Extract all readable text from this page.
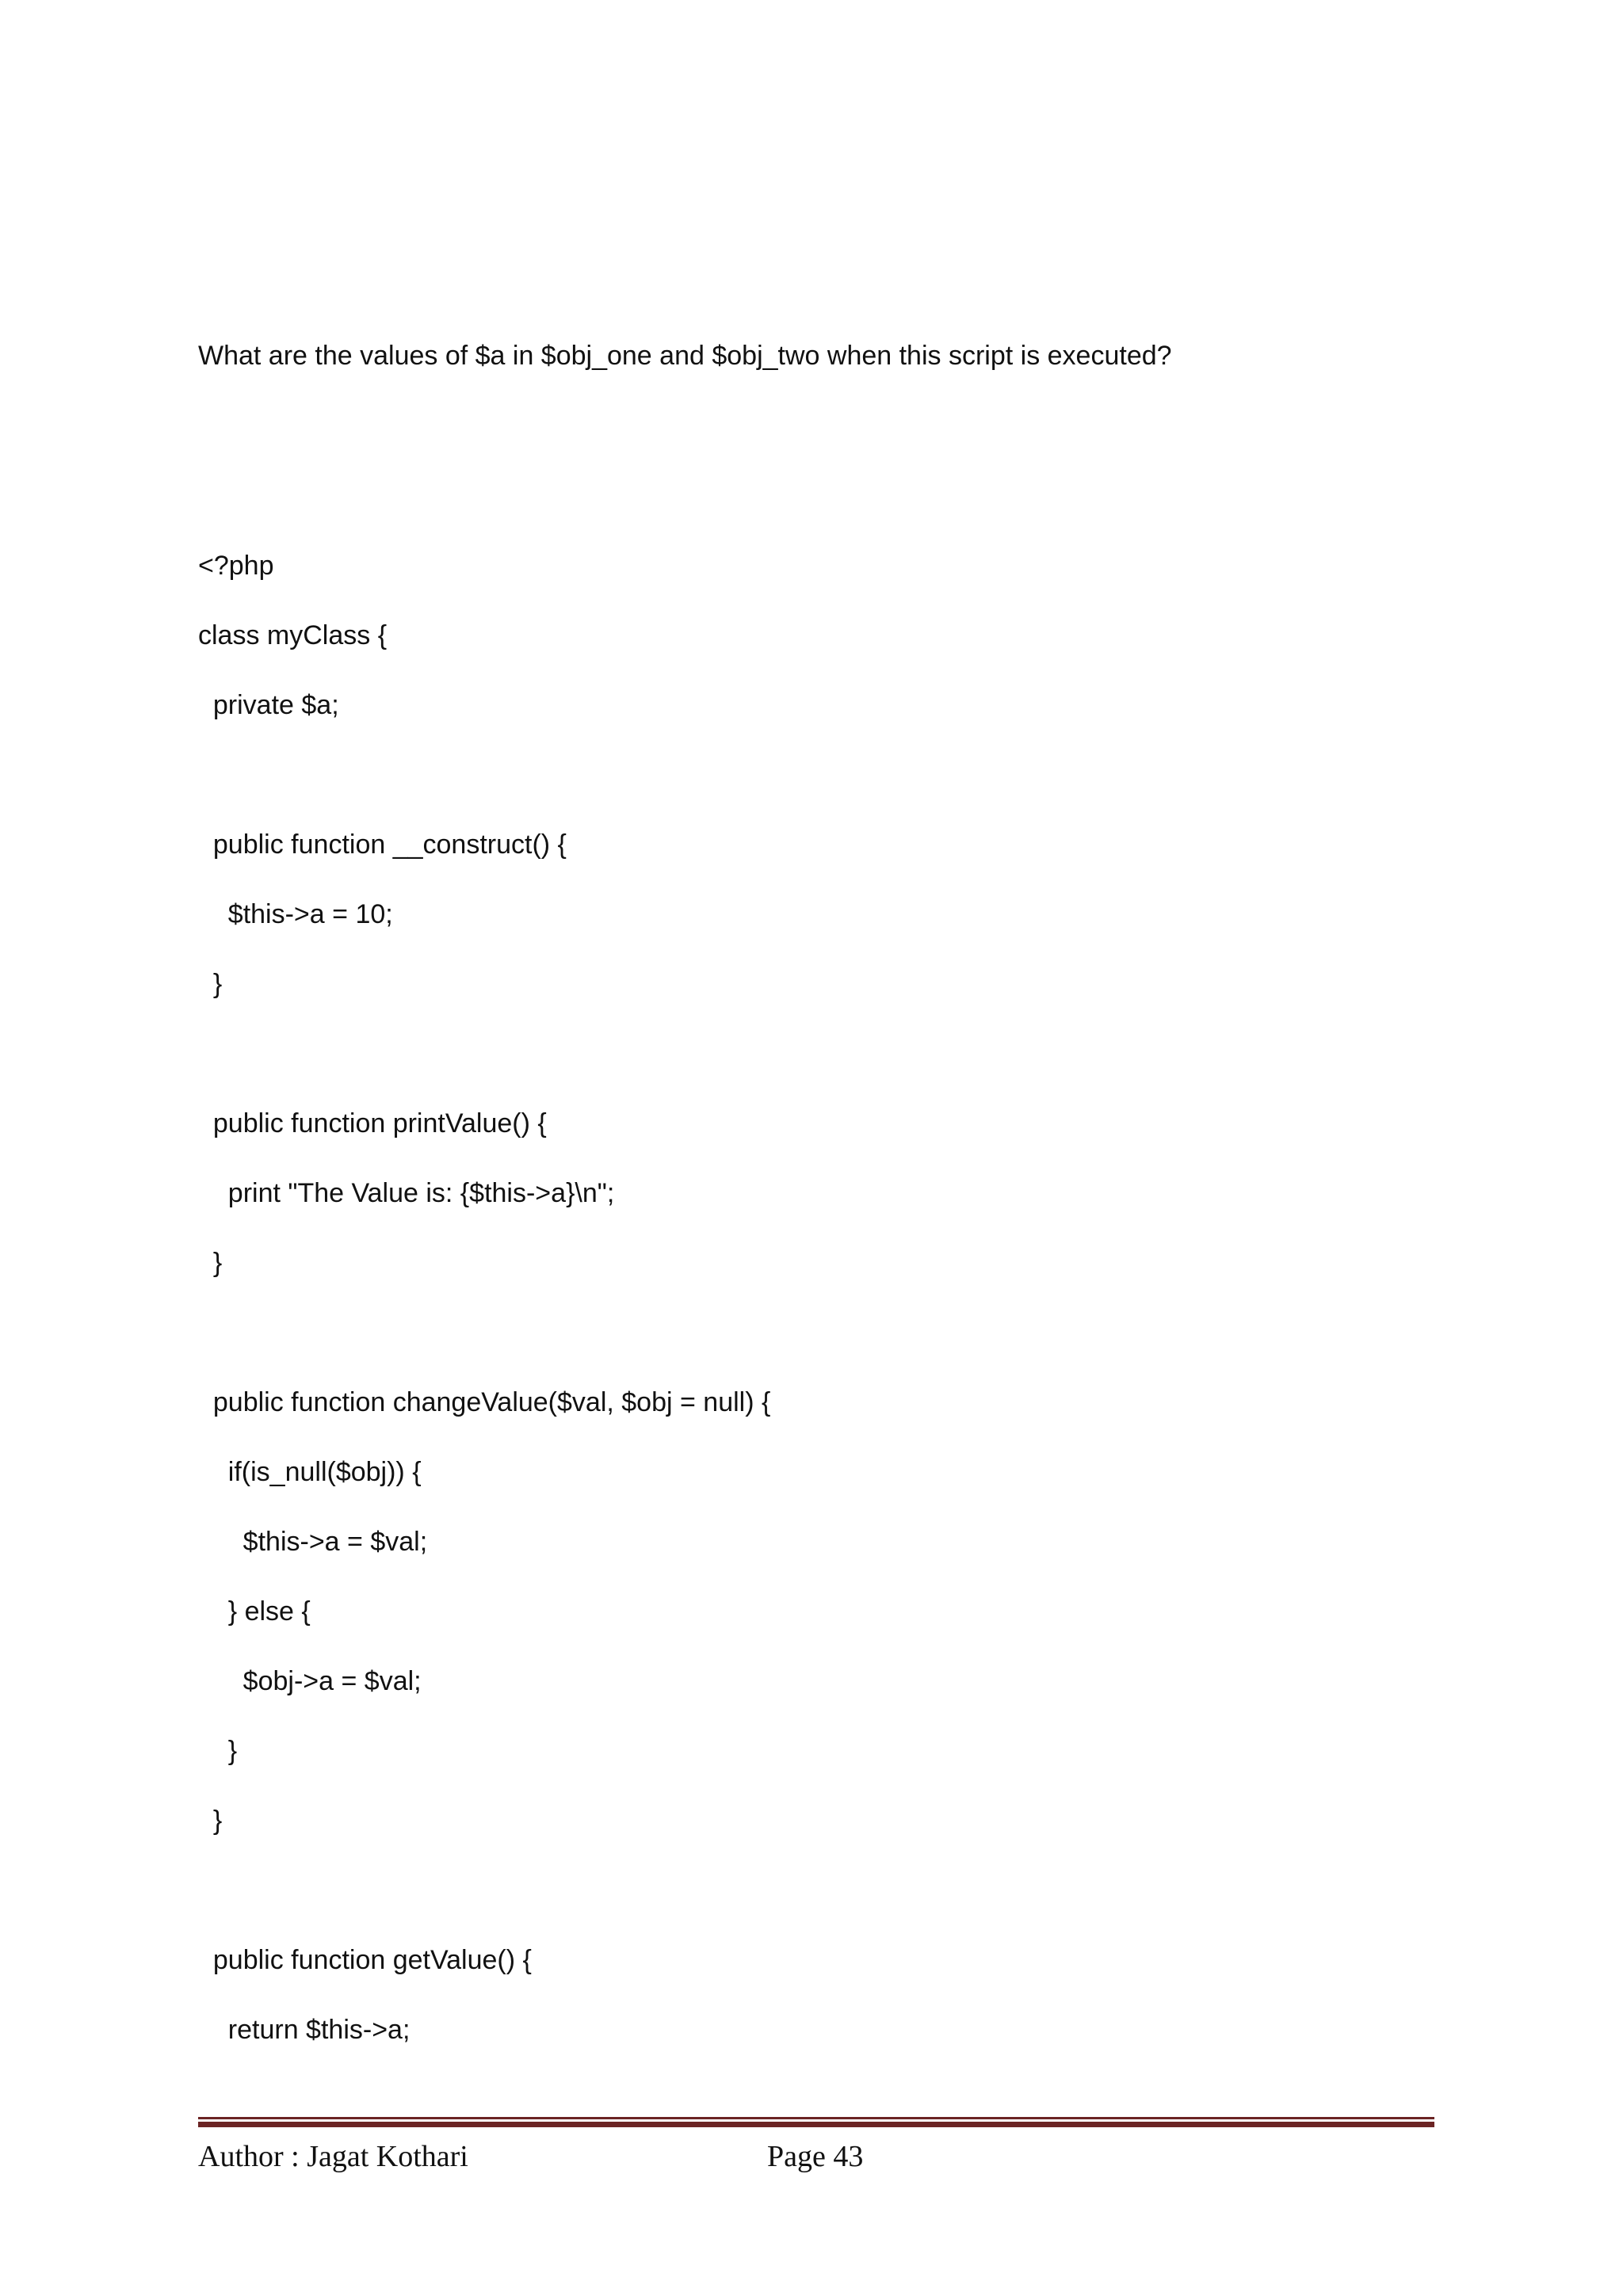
What are the values of $a in $obj_one and $obj_two when this script is executed?
<?php
class myClass {
private $a;
public function __construct() {
$this->a = 10;
}
public function printValue() {
print "The Value is: {$this->a}\n";
}
public function changeValue($val, $obj = null) {
if(is_null($obj)) {
$this->a = $val;
} else {
$obj->a = $val;
}
}
public function getValue() {
return $this->a;
Author : Jagat Kothari	Page 43
